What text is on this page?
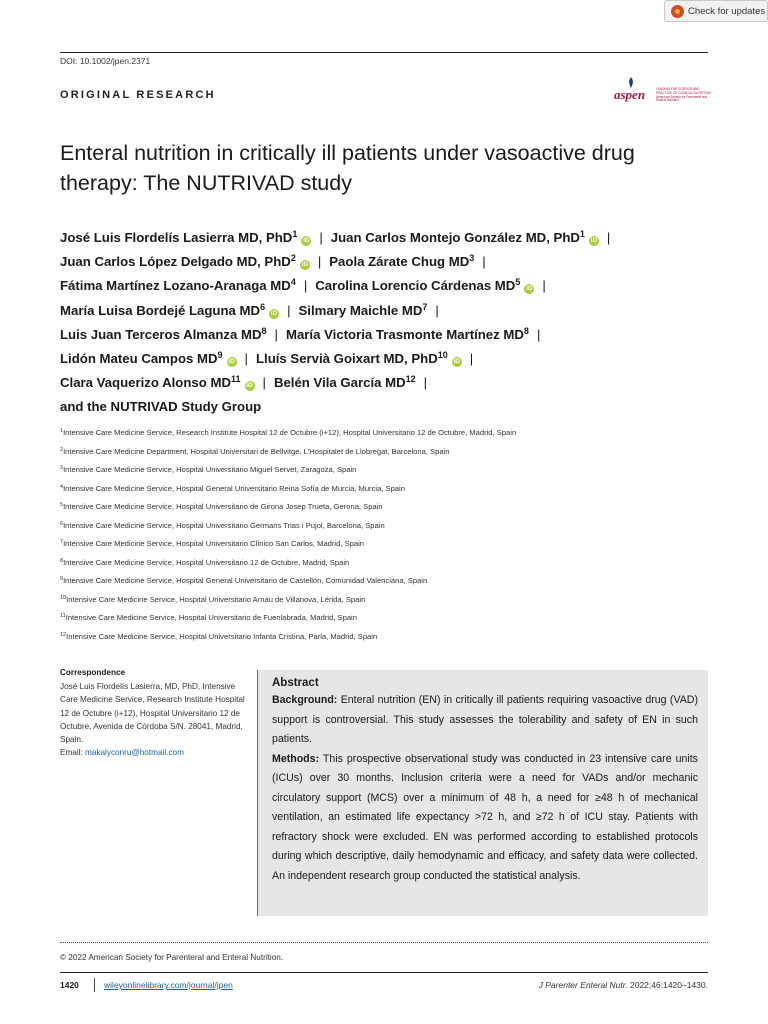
Check for updates
DOI: 10.1002/jpen.2371
ORIGINAL RESEARCH	aspen	LEADING THE SCIENCE AND PRACTICE OF CLINICAL NUTRITION American Society for Parenteral and Enteral Nutrition
Enteral nutrition in critically ill patients under vasoactive drug therapy: The NUTRIVAD study
José Luis Flordelís Lasierra MD, PhD$^1$iD | Juan Carlos Montejo González MD, PhD$^1$iD |
Juan Carlos López Delgado MD, PhD$^2$iD | Paola Zárate Chug $MD^3$ |
Fátima Martínez Lozano-Aranaga $MD^4$ | Carolina Lorencio Cárdenas $MD^5iD$ |
María Luisa Bordejé Laguna $MD^6iD$ | Silmary Maichle $MD^7$ |
Luis Juan Terceros Almanza $MD^8$ | María Victoria Trasmonte Martínez $MD^8$ |
Lidón Mateu Campos $MD^9iD$ | Lluís Servià Goixart MD, PhD$^{10}$iD |
Clara Vaquerizo Alonso MD$^{11}$iD | Belén Vila García MD$^{12}$ |
and the NUTRIVAD Study Group
$^1$Intensive Care Medicine Service, Research Institute Hospital 12 de Octubre (i+12), Hospital Universitario 12 de Octubre, Madrid, Spain
$^2$Intensive Care Medicine Department, Hospital Universitari de Bellvitge, L'Hospitalet de Llobregat, Barcelona, Spain
$^3$Intensive Care Medicine Service, Hospital Universitario Miguel Servet, Zaragoza, Spain
$^4$Intensive Care Medicine Service, Hospital General Universitario Reina Sofía de Murcia, Murcia, Spain
$^5$Intensive Care Medicine Service, Hospital Universitario de Girona Josep Trueta, Gerona, Spain
$^6$Intensive Care Medicine Service, Hospital Universitario Germans Trias i Pujol, Barcelona, Spain
$^7$Intensive Care Medicine Service, Hospital Universitario Clínico San Carlos, Madrid, Spain
$^8$Intensive Care Medicine Service, Hospital Universitario 12 de Octubre, Madrid, Spain
$^9$Intensive Care Medicine Service, Hospital General Universitario de Castellón, Comunidad Valenciana, Spain
$^{10}$Intensive Care Medicine Service, Hospital Universitario Arnau de Villanova, Lérida, Spain
$^{11}$Intensive Care Medicine Service, Hospital Universitario de Fuenlabrada, Madrid, Spain
$^{12}$Intensive Care Medicine Service, Hospital Universitario Infanta Cristina, Parla, Madrid, Spain
Correspondence
José Luis Flordelís Lasierra, MD, PhD, Intensive Care Medicine Service, Research Institute Hospital 12 de Octubre (i+12), Hospital Universitario 12 de Octubre, Avenida de Córdoba S/N. 28041, Madrid, Spain.
Email: makalyconru@hotmail.com
Abstract

Background: Enteral nutrition (EN) in critically ill patients requiring vasoactive drug (VAD) support is controversial. This study assesses the tolerability and safety of EN in such patients.

Methods: This prospective observational study was conducted in 23 intensive care units (ICUs) over 30 months. Inclusion criteria were a need for VADs and/or mechanic circulatory support (MCS) over a minimum of 48 h, a need for ≥48 h of mechanical ventilation, an estimated life expectancy >72 h, and ≥72 h of ICU stay. Patients with refractory shock were excluded. EN was performed according to established protocols during which descriptive, daily hemodynamic and efficacy, and safety data were collected. An independent research group conducted the statistical analysis.

© 2022 American Society for Parenteral and Enteral Nutrition.
1420	wileyonlinelibrary.com/journal/jpen	J Parenter Enteral Nutr. 2022;46:1420–1430.
